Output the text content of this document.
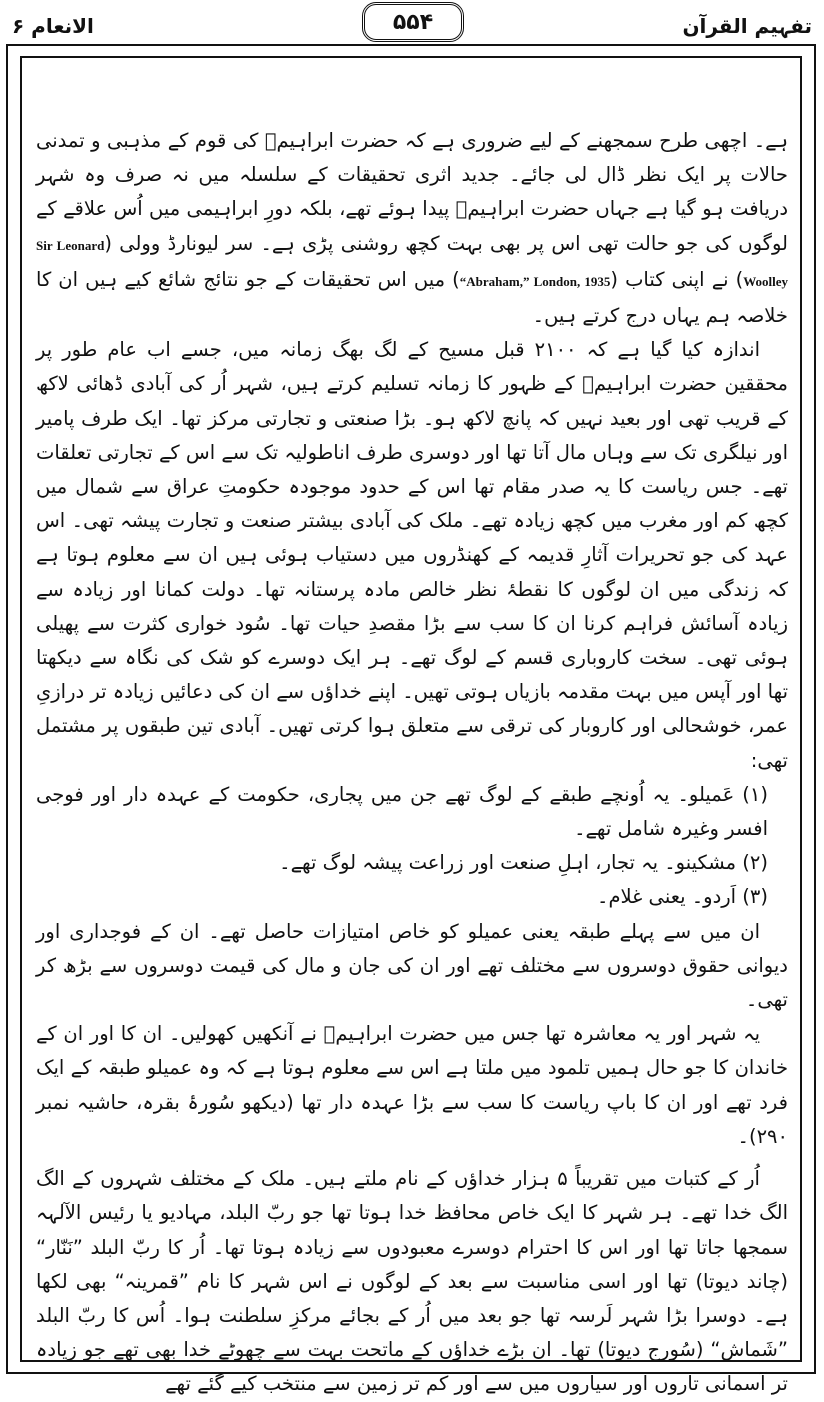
الانعام ۶	۵۵۴	تفہیم القرآن

ہے۔ اچھی طرح سمجھنے کے لیے ضروری ہے کہ حضرت ابراہیمؑ کی قوم کے مذہبی و تمدنی حالات پر ایک نظر ڈال لی جائے۔ جدید اثری تحقیقات کے سلسلہ میں نہ صرف وہ شہر دریافت ہو گیا ہے جہاں حضرت ابراہیمؑ پیدا ہوئے تھے، بلکہ دورِ ابراہیمی میں اُس علاقے کے لوگوں کی جو حالت تھی اس پر بھی بہت کچھ روشنی پڑی ہے۔ سر لیونارڈ وولی (Sir Leonard Woolley) نے اپنی کتاب (“Abraham,” London, 1935) میں اس تحقیقات کے جو نتائج شائع کیے ہیں ان کا خلاصہ ہم یہاں درج کرتے ہیں۔

اندازہ کیا گیا ہے کہ ۲۱۰۰ قبل مسیح کے لگ بھگ زمانہ میں، جسے اب عام طور پر محققین حضرت ابراہیمؑ کے ظہور کا زمانہ تسلیم کرتے ہیں، شہر اُر کی آبادی ڈھائی لاکھ کے قریب تھی اور بعید نہیں کہ پانچ لاکھ ہو۔ بڑا صنعتی و تجارتی مرکز تھا۔ ایک طرف پامیر اور نیلگری تک سے وہاں مال آتا تھا اور دوسری طرف اناطولیہ تک سے اس کے تجارتی تعلقات تھے۔ جس ریاست کا یہ صدر مقام تھا اس کے حدود موجودہ حکومتِ عراق سے شمال میں کچھ کم اور مغرب میں کچھ زیادہ تھے۔ ملک کی آبادی بیشتر صنعت و تجارت پیشہ تھی۔ اس عہد کی جو تحریرات آثارِ قدیمہ کے کھنڈروں میں دستیاب ہوئی ہیں ان سے معلوم ہوتا ہے کہ زندگی میں ان لوگوں کا نقطۂ نظر خالص مادہ پرستانہ تھا۔ دولت کمانا اور زیادہ سے زیادہ آسائش فراہم کرنا ان کا سب سے بڑا مقصدِ حیات تھا۔ سُود خواری کثرت سے پھیلی ہوئی تھی۔ سخت کاروباری قسم کے لوگ تھے۔ ہر ایک دوسرے کو شک کی نگاہ سے دیکھتا تھا اور آپس میں بہت مقدمہ بازیاں ہوتی تھیں۔ اپنے خداؤں سے ان کی دعائیں زیادہ تر درازیِ عمر، خوشحالی اور کاروبار کی ترقی سے متعلق ہوا کرتی تھیں۔ آبادی تین طبقوں پر مشتمل تھی:

(۱) عَمیلو۔ یہ اُونچے طبقے کے لوگ تھے جن میں پجاری، حکومت کے عہدہ دار اور فوجی افسر وغیرہ شامل تھے۔

(۲) مشکینو۔ یہ تجار، اہلِ صنعت اور زراعت پیشہ لوگ تھے۔

(۳) اَردو۔ یعنی غلام۔

ان میں سے پہلے طبقہ یعنی عمیلو کو خاص امتیازات حاصل تھے۔ ان کے فوجداری اور دیوانی حقوق دوسروں سے مختلف تھے اور ان کی جان و مال کی قیمت دوسروں سے بڑھ کر تھی۔

یہ شہر اور یہ معاشرہ تھا جس میں حضرت ابراہیمؑ نے آنکھیں کھولیں۔ ان کا اور ان کے خاندان کا جو حال ہمیں تلمود میں ملتا ہے اس سے معلوم ہوتا ہے کہ وہ عمیلو طبقہ کے ایک فرد تھے اور ان کا باپ ریاست کا سب سے بڑا عہدہ دار تھا (دیکھو سُورۂ بقرہ، حاشیہ نمبر ۲۹۰)۔

اُر کے کتبات میں تقریباً ۵ ہزار خداؤں کے نام ملتے ہیں۔ ملک کے مختلف شہروں کے الگ الگ خدا تھے۔ ہر شہر کا ایک خاص محافظ خدا ہوتا تھا جو ربّ البلد، مہادیو یا رئیس الآلہہ سمجھا جاتا تھا اور اس کا احترام دوسرے معبودوں سے زیادہ ہوتا تھا۔ اُر کا ربّ البلد ”نَنّار“ (چاند دیوتا) تھا اور اسی مناسبت سے بعد کے لوگوں نے اس شہر کا نام ”قمرینہ“ بھی لکھا ہے۔ دوسرا بڑا شہر لَرسہ تھا جو بعد میں اُر کے بجائے مرکزِ سلطنت ہوا۔ اُس کا ربّ البلد ”شَماش“ (سُورج دیوتا) تھا۔ ان بڑے خداؤں کے ماتحت بہت سے چھوٹے خدا بھی تھے جو زیادہ تر آسمانی تاروں اور سیاروں میں سے اور کم تر زمین سے منتخب کیے گئے تھے
